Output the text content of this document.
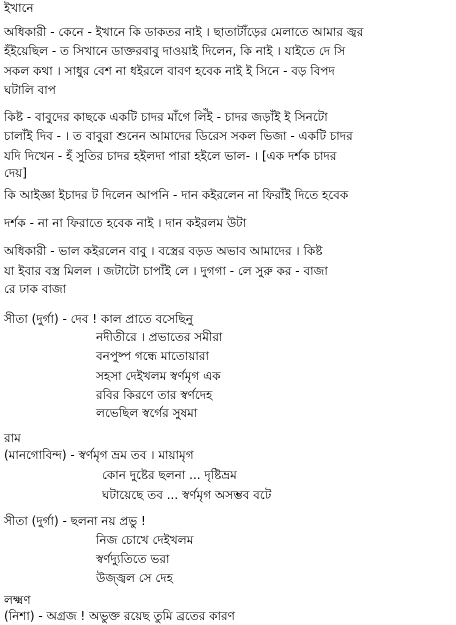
ইখানে
অধিকারী - কেনে - ইখানে কি ডাকতর নাই । ছাতাটাঁড়ের মেলাতে আমার জ্বর
হঁইয়েছিল - ত সিখানে ডাক্তরবাবু দাওয়াই দিলেন, কি নাই । যাইতে দে সি
সকল কথা । সাধুর বেশ না ধইরলে বাবণ হবেক নাই ই সিনে - বড় বিপদ
ঘটালি বাপ
কিষ্ট - বাবুদের কাছকে একটি চাদর মাঁগে লিঁই - চাদর জড়াঁই ই সিনটো
চালাঁই দিব - । ত বাবুরা শুনেন আমাদের ডিরেস সকল ভিজা - একটি চাদর
যদি দিখেন - হঁ সুতির চাদর হইলদা পারা হইলে ভাল- । [এক দর্শক চাদর
দেয়]
কি আইজ্ঞা ইচাদর ট দিলেন আপনি - দান কইরলেন না ফিরাঁই দিতে হবেক
দর্শক - না না ফিরাতে হবেক নাই । দান কইরলম উটা
অধিকারী - ভাল কইরলেন বাবু । বস্ত্রের বড়ড অভাব আমাদের । কিষ্ট
যা ইবার বস্ত্র মিলল । জটাটো চাপাঁই লে । দুগগা - লে সুরু কর - বাজা
রে ঢাক বাজা
সীতা (দুর্গা) - দেব ! কাল প্রাতে বসেছিনু
নদীতীরে । প্রভাতের সমীরা
বনপুষ্প গন্ধে মাতোয়ারা
সহসা দেইখলম স্বর্ণমৃগ এক
রবির কিরণে তার স্বর্ণদেহ
লভেছিল স্বর্গের সুষমা
রাম
(মানগোবিন্দ) - স্বর্ণমৃগ ভ্রম তব । মায়ামৃগ
কোন দুষ্টের ছলনা ... দৃষ্টিভ্রম
ঘটায়েছে তব ... স্বর্ণমৃগ অসম্ভব বটে
সীতা (দুর্গা) - ছলনা নয় প্রভু !
নিজ চোখে দেইখলম
স্বর্ণদ্যুতিতে ভরা
উজ্জ্বল সে দেহ
লক্ষ্মণ
(নিশা) - অগ্রজ ! অভুক্ত রয়েছ তুমি ব্রতের কারণ
